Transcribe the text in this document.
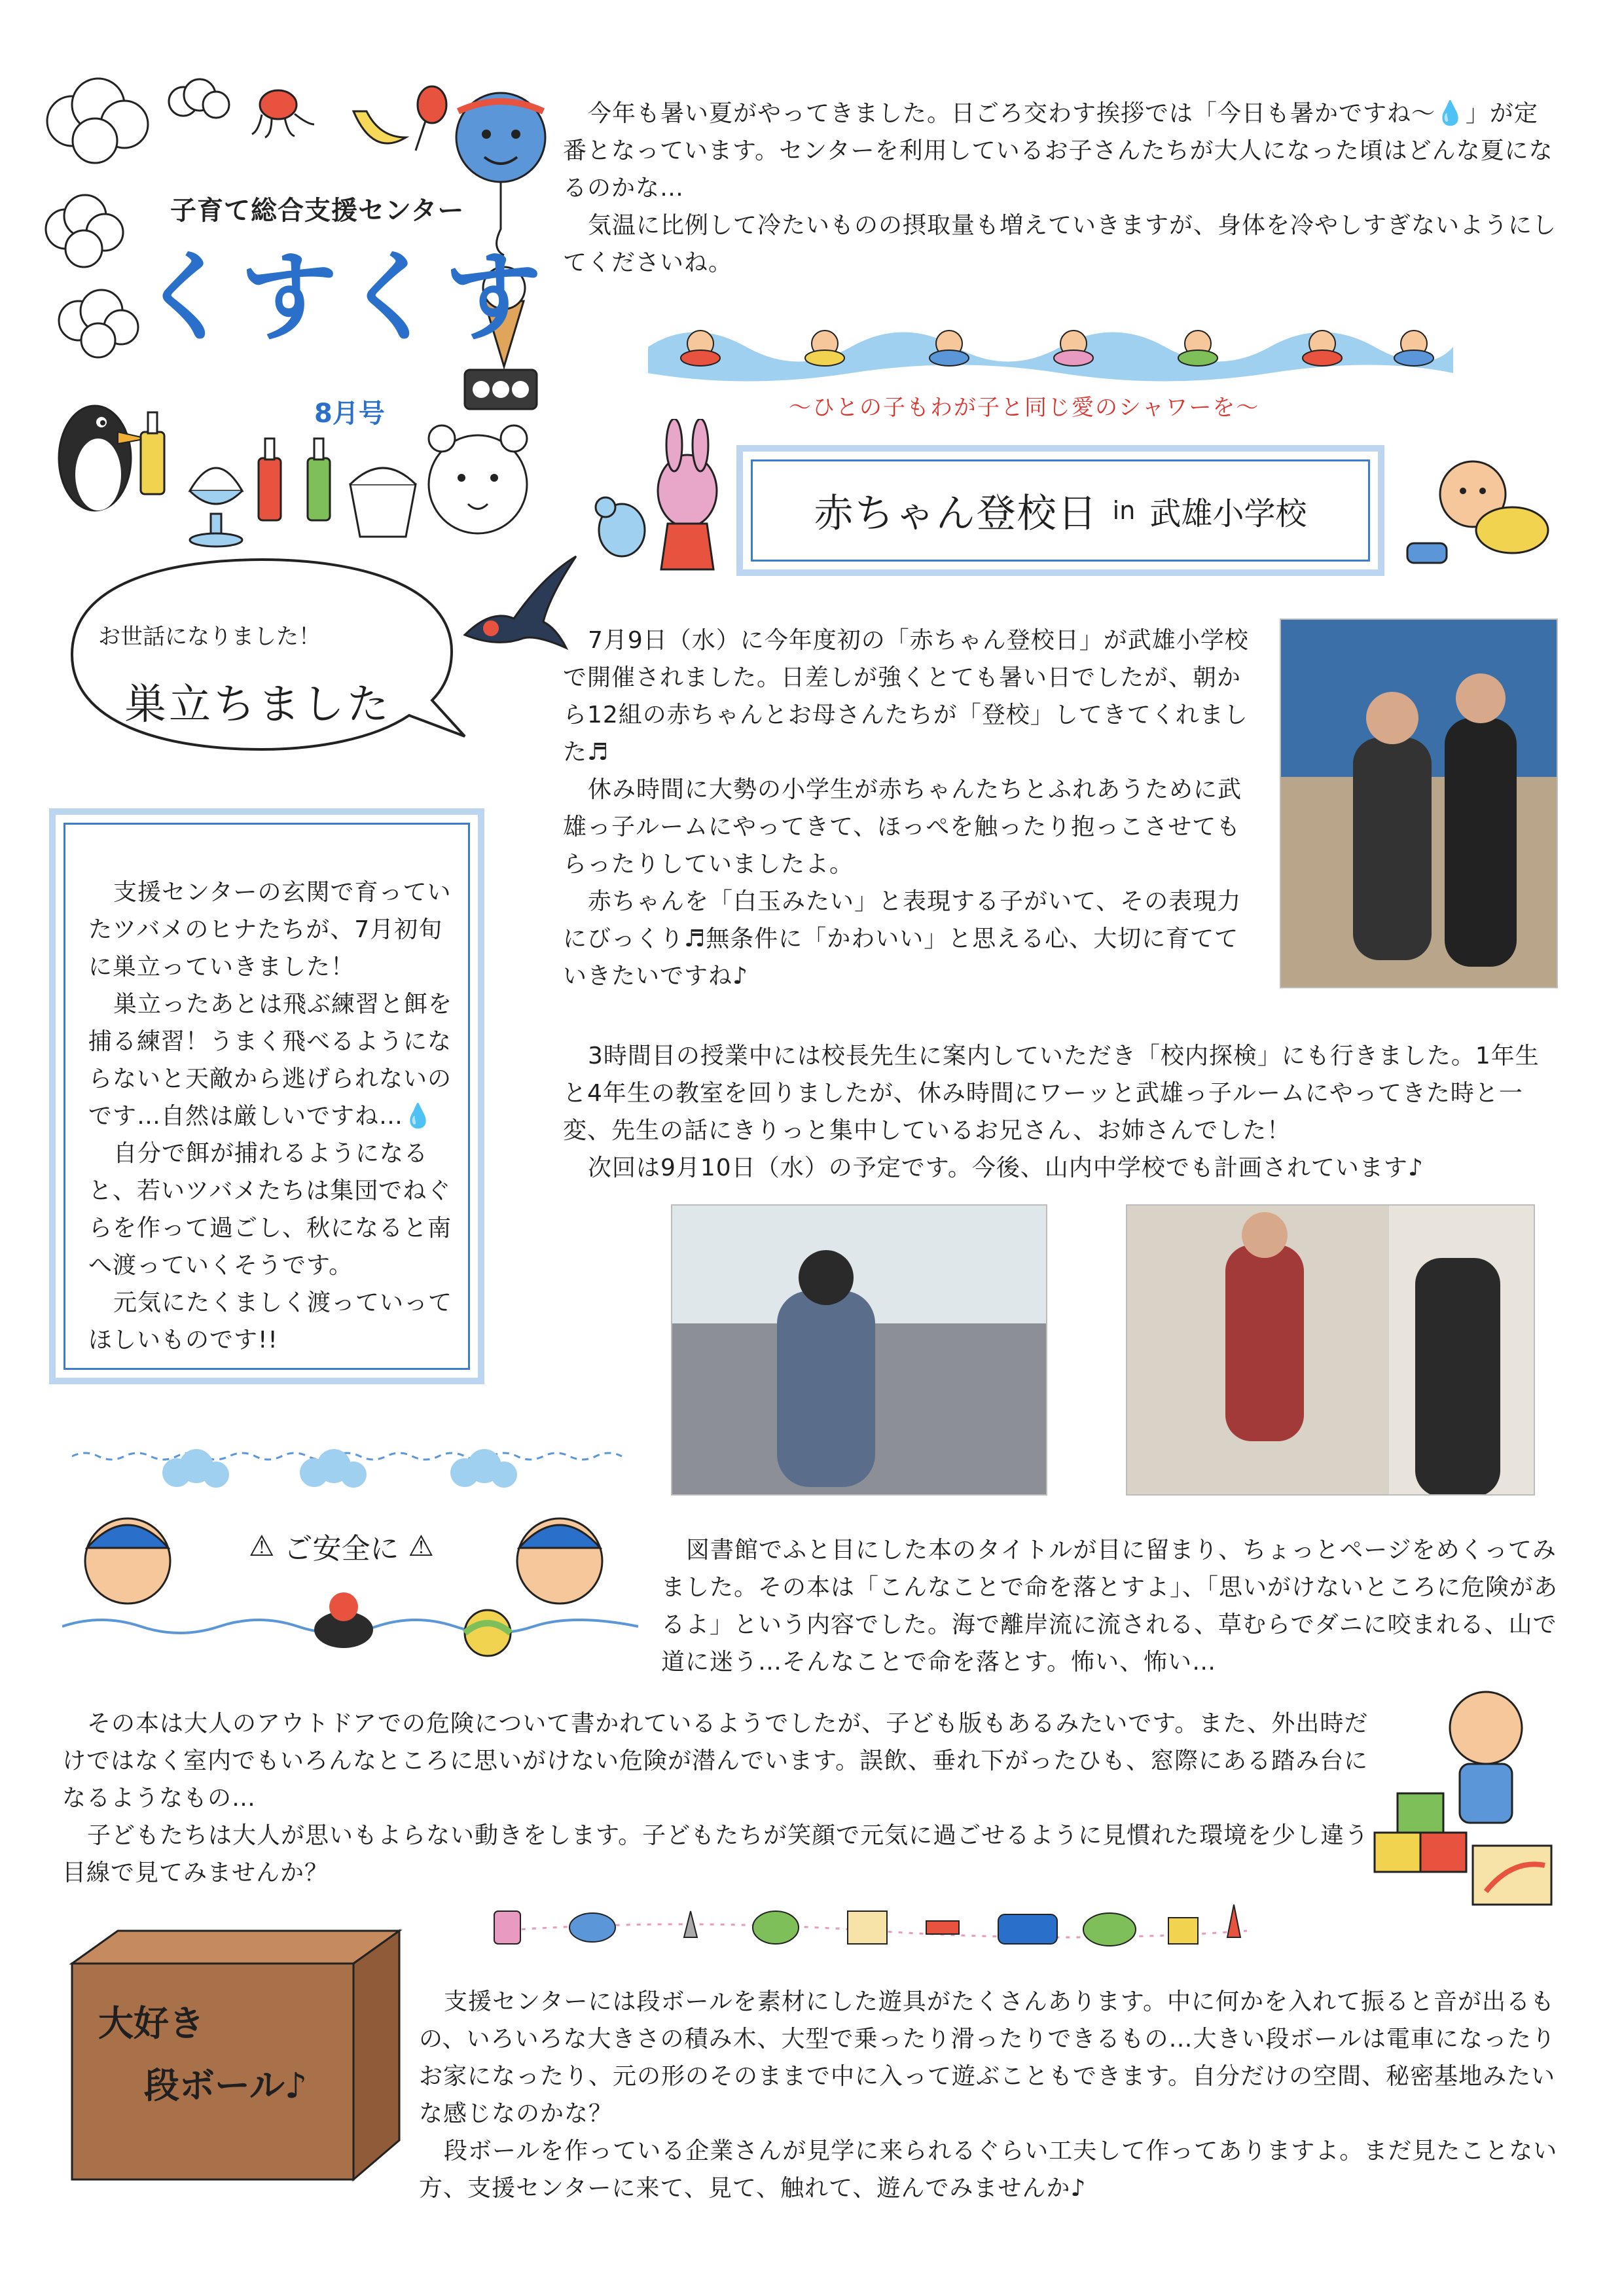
子育て総合支援センター
くすくす
8月号

今年も暑い夏がやってきました。日ごろ交わす挨拶では「今日も暑かですね〜💧」が定番となっています。センターを利用しているお子さんたちが大人になった頃はどんな夏になるのかな…

気温に比例して冷たいものの摂取量も増えていきますが、身体を冷やしすぎないようにしてくださいね。

〜ひとの子もわが子と同じ愛のシャワーを〜
お世話になりました！
巣立ちました

支援センターの玄関で育っていたツバメのヒナたちが、7月初旬に巣立っていきました！

巣立ったあとは飛ぶ練習と餌を捕る練習！うまく飛べるようにならないと天敵から逃げられないのです…自然は厳しいですね…💧

自分で餌が捕れるようになると、若いツバメたちは集団でねぐらを作って過ごし、秋になると南へ渡っていくそうです。

元気にたくましく渡っていってほしいものです!!

赤ちゃん登校日 in 武雄小学校

7月9日（水）に今年度初の「赤ちゃん登校日」が武雄小学校で開催されました。日差しが強くとても暑い日でしたが、朝から12組の赤ちゃんとお母さんたちが「登校」してきてくれました♬

休み時間に大勢の小学生が赤ちゃんたちとふれあうために武雄っ子ルームにやってきて、ほっぺを触ったり抱っこさせてもらったりしていましたよ。

赤ちゃんを「白玉みたい」と表現する子がいて、その表現力にびっくり♬無条件に「かわいい」と思える心、大切に育てていきたいですね♪

3時間目の授業中には校長先生に案内していただき「校内探検」にも行きました。1年生と4年生の教室を回りましたが、休み時間にワーッと武雄っ子ルームにやってきた時と一変、先生の話にきりっと集中しているお兄さん、お姉さんでした！

次回は9月10日（水）の予定です。今後、山内中学校でも計画されています♪

⚠ ご安全に ⚠	図書館でふと目にした本のタイトルが目に留まり、ちょっとページをめくってみました。その本は「こんなことで命を落とすよ」、「思いがけないところに危険があるよ」という内容でした。海で離岸流に流される、草むらでダニに咬まれる、山で道に迷う…そんなことで命を落とす。怖い、怖い…

その本は大人のアウトドアでの危険について書かれているようでしたが、子ども版もあるみたいです。また、外出時だけではなく室内でもいろんなところに思いがけない危険が潜んでいます。誤飲、垂れ下がったひも、窓際にある踏み台になるようなもの…

子どもたちは大人が思いもよらない動きをします。子どもたちが笑顔で元気に過ごせるように見慣れた環境を少し違う目線で見てみませんか？

大好き
段ボール♪

支援センターには段ボールを素材にした遊具がたくさんあります。中に何かを入れて振ると音が出るもの、いろいろな大きさの積み木、大型で乗ったり滑ったりできるもの…大きい段ボールは電車になったりお家になったり、元の形のそのままで中に入って遊ぶこともできます。自分だけの空間、秘密基地みたいな感じなのかな？

段ボールを作っている企業さんが見学に来られるぐらい工夫して作ってありますよ。まだ見たことない方、支援センターに来て、見て、触れて、遊んでみませんか♪
